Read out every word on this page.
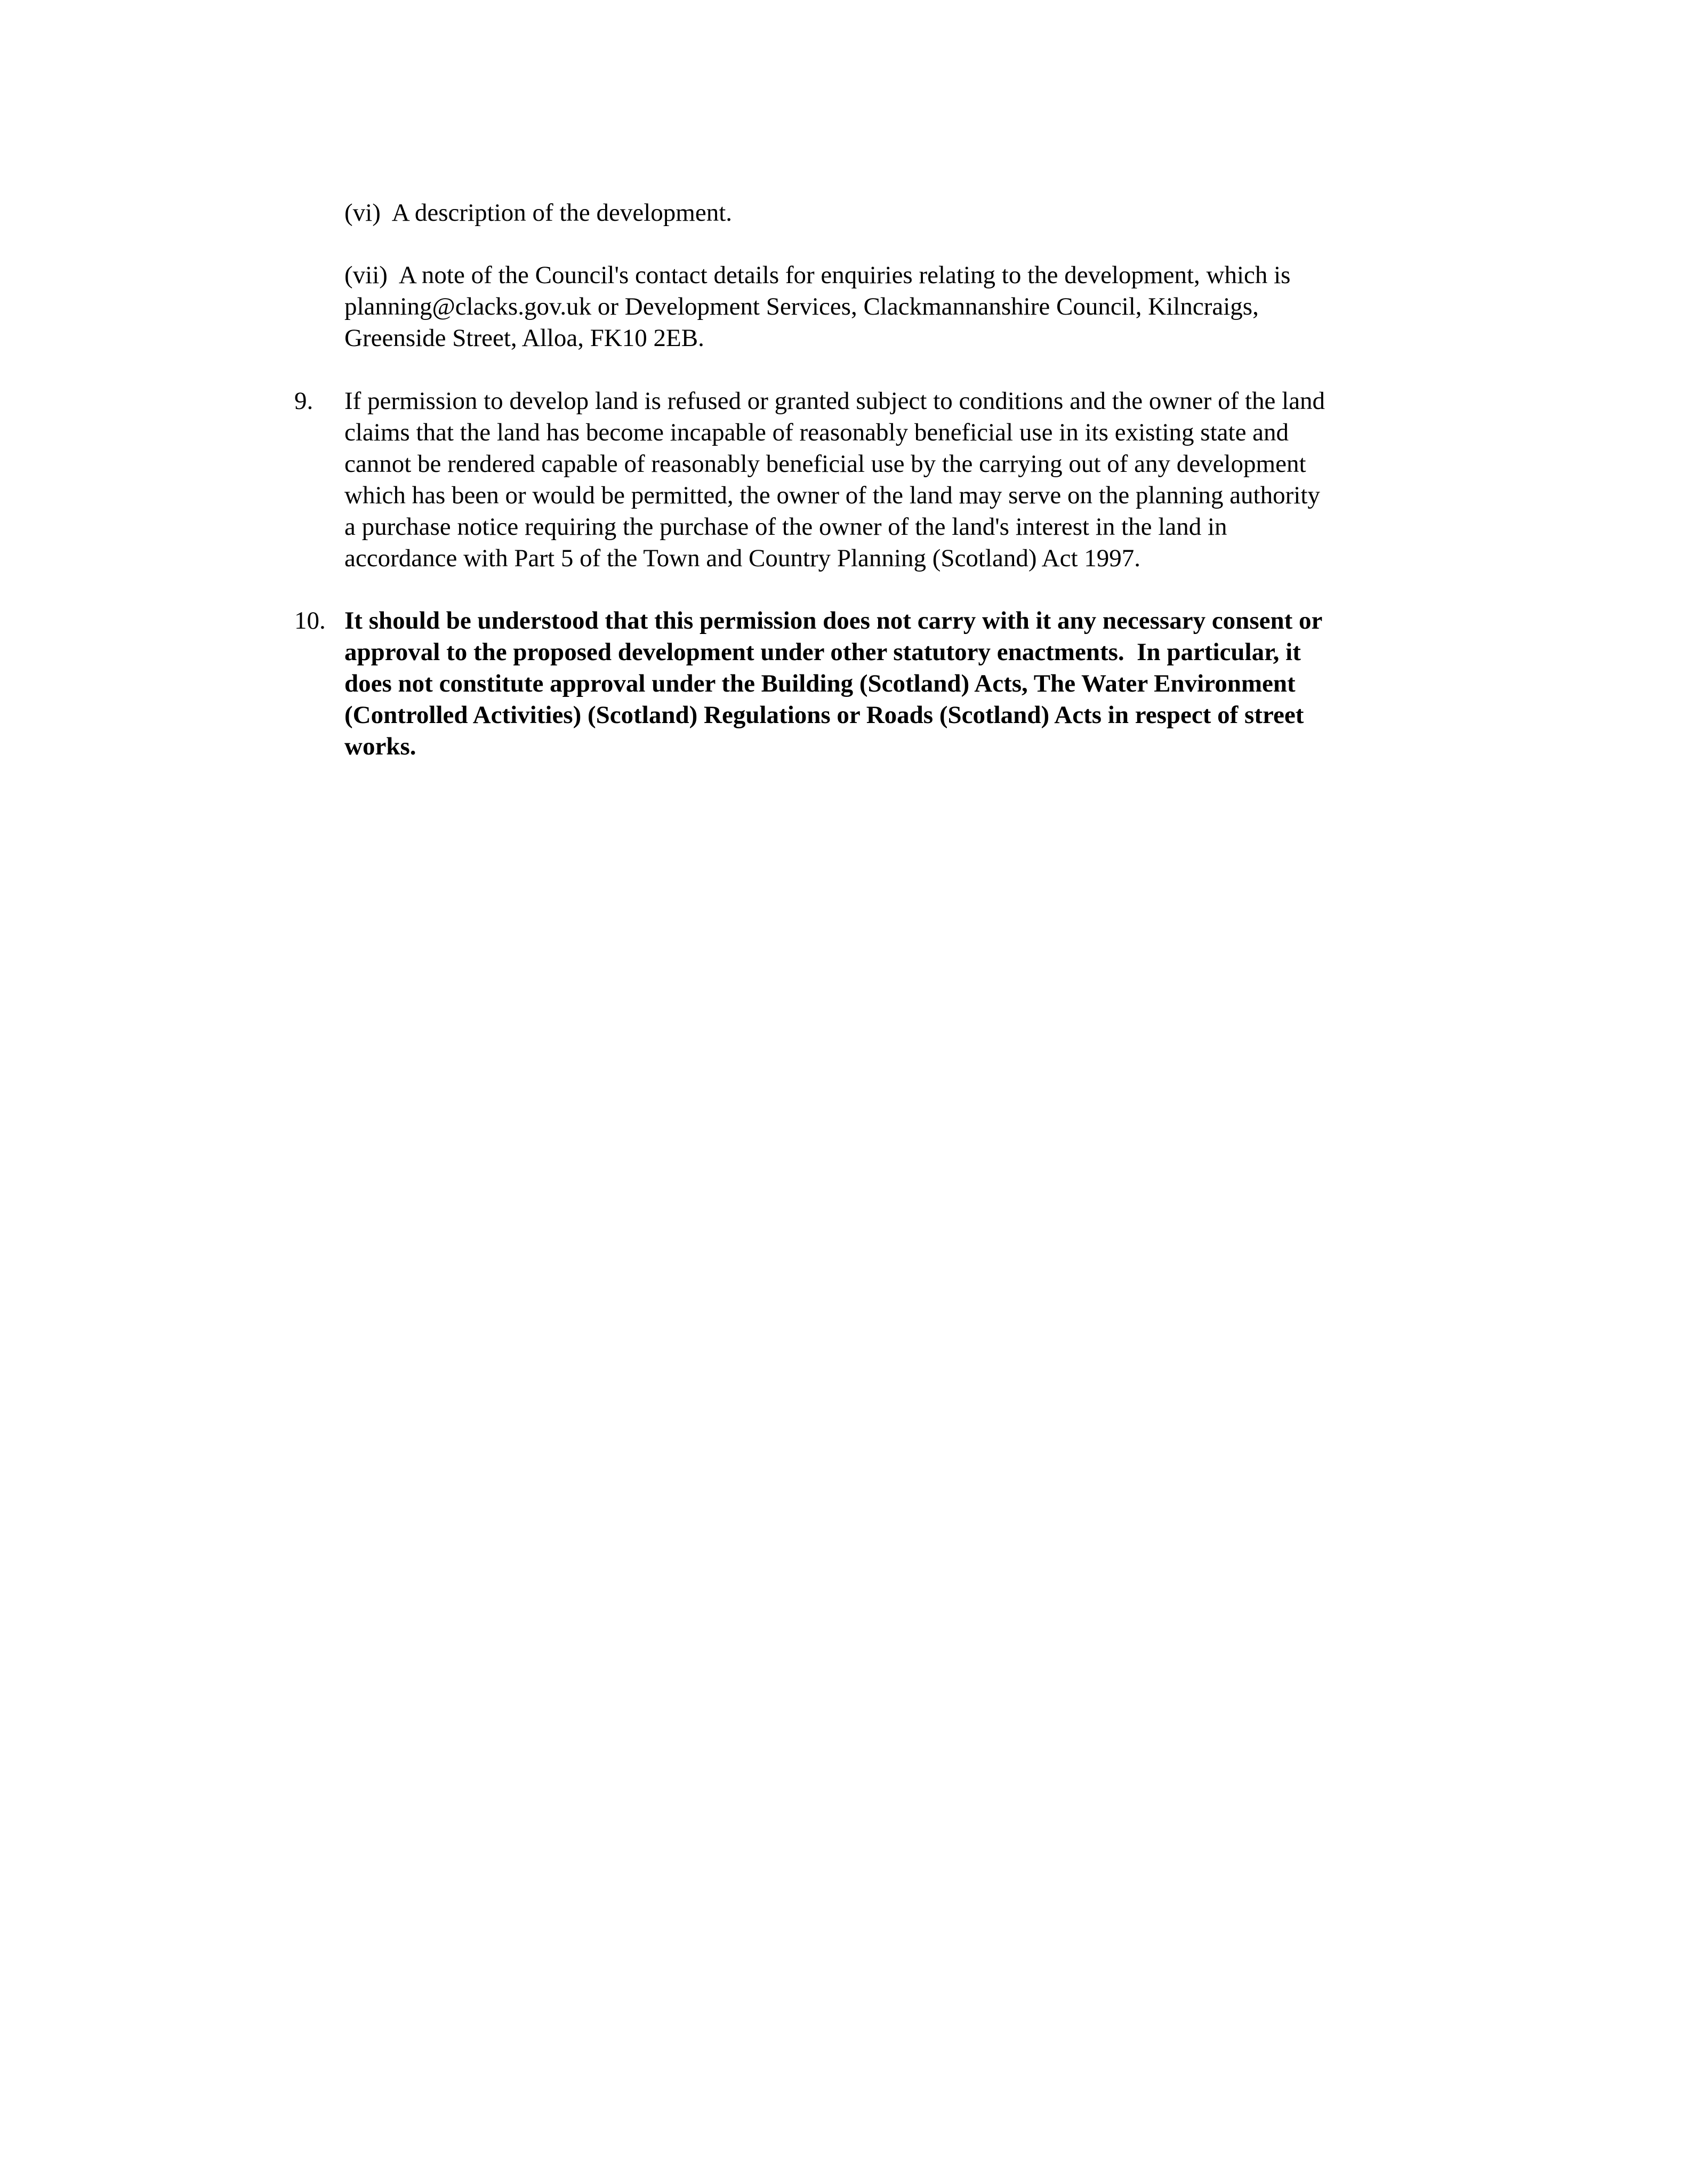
(vi)  A description of the development.
(vii)  A note of the Council's contact details for enquiries relating to the development, which is
planning@clacks.gov.uk or Development Services, Clackmannanshire Council, Kilncraigs,
Greenside Street, Alloa, FK10 2EB.
9. If permission to develop land is refused or granted subject to conditions and the owner of the land
claims that the land has become incapable of reasonably beneficial use in its existing state and
cannot be rendered capable of reasonably beneficial use by the carrying out of any development
which has been or would be permitted, the owner of the land may serve on the planning authority
a purchase notice requiring the purchase of the owner of the land's interest in the land in
accordance with Part 5 of the Town and Country Planning (Scotland) Act 1997.
10. It should be understood that this permission does not carry with it any necessary consent or
approval to the proposed development under other statutory enactments.  In particular, it
does not constitute approval under the Building (Scotland) Acts, The Water Environment
(Controlled Activities) (Scotland) Regulations or Roads (Scotland) Acts in respect of street
works.
